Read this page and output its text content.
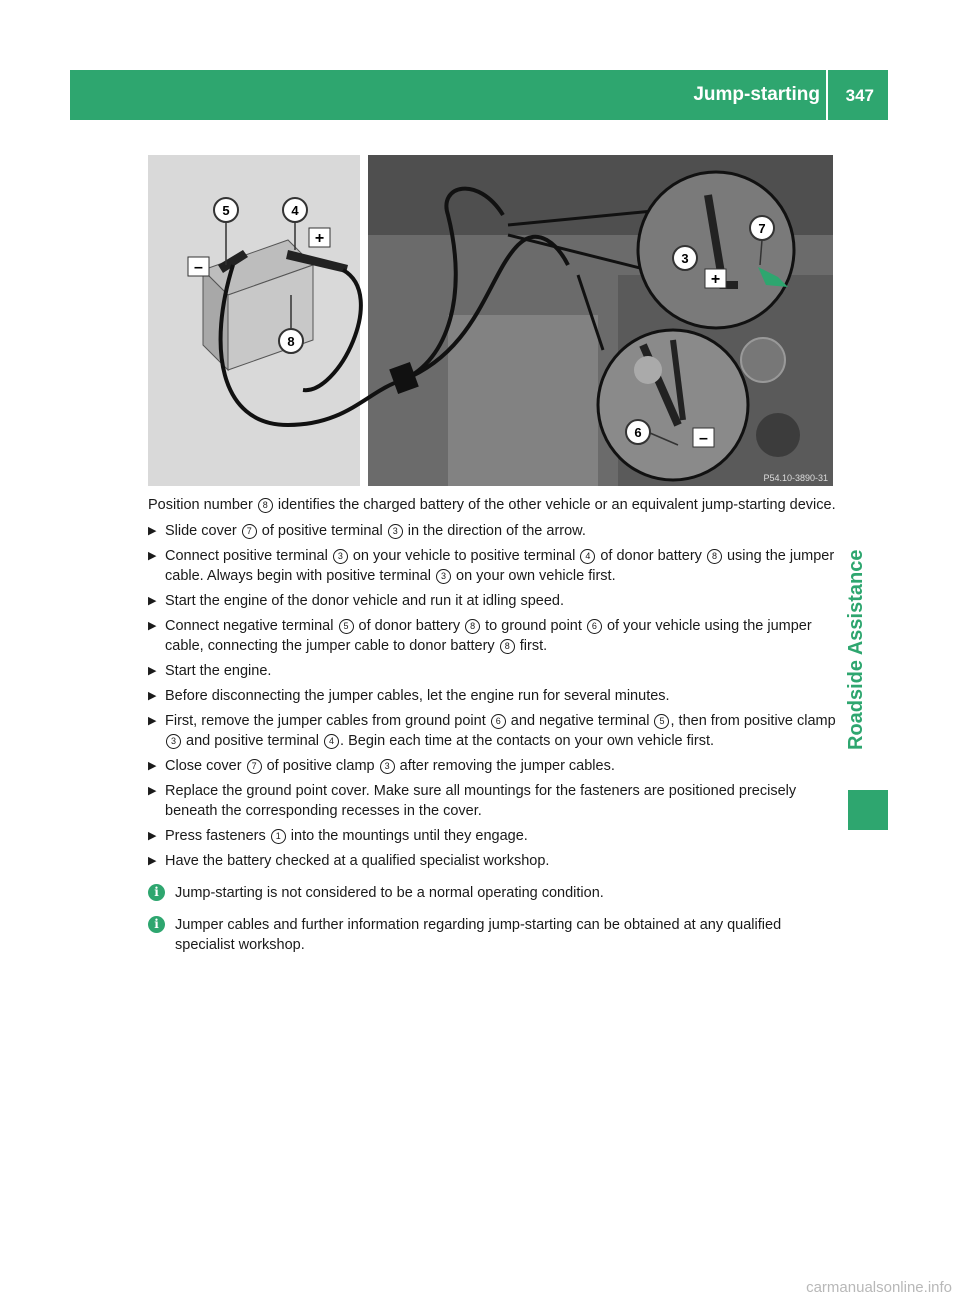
Jump-starting 347
Roadside Assistance
+
–
+
–
5	4
8
3
7
6
P54.10-3890-31

Position number 8 identifies the charged battery of the other vehicle or an equivalent jump-starting device.

▶ Slide cover 7 of positive terminal 3 in the direction of the arrow.

▶ Connect positive terminal 3 on your vehicle to positive terminal 4 of donor battery 8 using the jumper cable. Always begin with positive terminal 3 on your own vehicle first.

▶ Start the engine of the donor vehicle and run it at idling speed.

▶ Connect negative terminal 5 of donor battery 8 to ground point 6 of your vehicle using the jumper cable, connecting the jumper cable to donor battery 8 first.

▶ Start the engine.

▶ Before disconnecting the jumper cables, let the engine run for several minutes.

▶ First, remove the jumper cables from ground point 6 and negative terminal 5 , then from positive clamp 3 and positive terminal 4 . Begin each time at the contacts on your own vehicle first.

▶ Close cover 7 of positive clamp 3 after removing the jumper cables.

▶ Replace the ground point cover. Make sure all mountings for the fasteners are positioned precisely beneath the corresponding recesses in the cover.

▶ Press fasteners 1 into the mountings until they engage.

▶ Have the battery checked at a qualified specialist workshop.

i	Jump-starting is not considered to be a normal operating condition.

i	Jumper cables and further information regarding jump-starting can be obtained at any qualified specialist workshop.

carmanualsonline.info
